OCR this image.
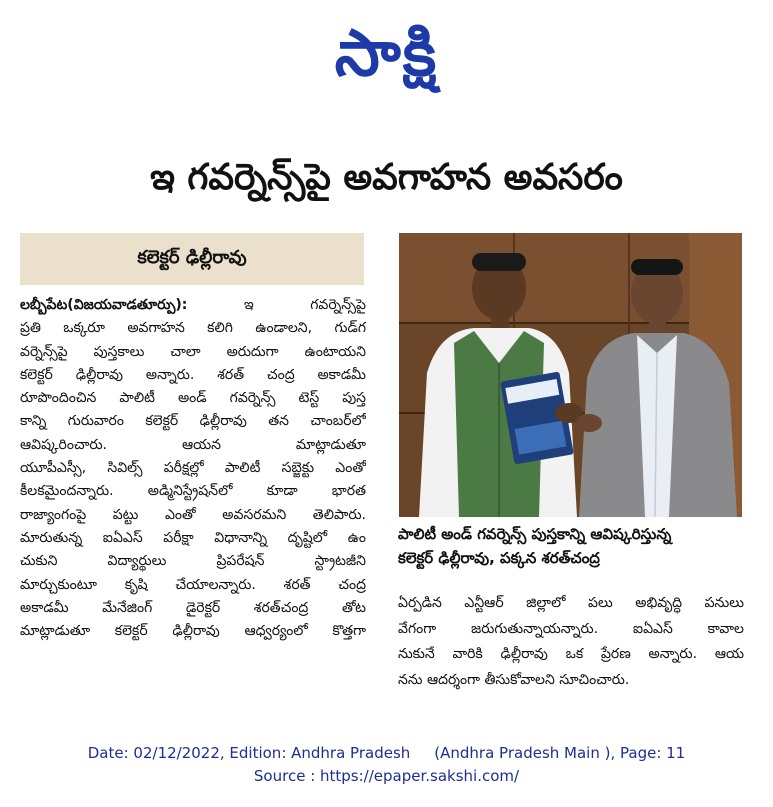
సాక్షి
ఇ గవర్నెన్స్‌పై అవగాహన అవసరం
కలెక్టర్‌ ఢిల్లీరావు
లబ్బీపేట(విజయవాడతూర్పు):	ఇ గవర్నెన్స్‌పై
ప్రతి ఒక్కరూ అవగాహన కలిగి ఉండాలని, గుడ్‌గ
వర్నెన్స్‌పై పుస్తకాలు చాలా అరుదుగా ఉంటాయని
కలెక్టర్‌ ఢిల్లీరావు అన్నారు. శరత్‌ చంద్ర అకాడమీ
రూపొందించిన పాలిటీ అండ్‌ గవర్నెన్స్‌ టెస్ట్‌ పుస్త
కాన్ని గురువారం కలెక్టర్‌ ఢిల్లీరావు తన చాంబర్‌లో
ఆవిష్కరించారు. ఆయన మాట్లాడుతూ
యూపీఎస్సీ, సివిల్స్‌ పరీక్షల్లో పాలిటీ సబ్జెక్టు ఎంతో
కీలకమైందన్నారు. అడ్మినిస్ట్రేషన్‌లో కూడా భారత
రాజ్యాంగంపై పట్టు ఎంతో అవసరమని తెలిపారు.
మారుతున్న ఐఏఎస్‌ పరీక్షా విధానాన్ని దృష్టిలో ఉం
చుకుని విద్యార్థులు ప్రిపరేషన్‌ స్ట్రాటజీని
మార్చుకుంటూ కృషి చేయాలన్నారు. శరత్‌ చంద్ర
అకాడమీ మేనేజింగ్‌ డైరెక్టర్‌ శరత్‌చంద్ర తోట
మాట్లాడుతూ కలెక్టర్‌ ఢిల్లీరావు ఆధ్వర్యంలో కొత్తగా
పాలిటీ అండ్‌ గవర్నెన్స్‌ పుస్తకాన్ని ఆవిష్కరిస్తున్న
కలెక్టర్‌ ఢిల్లీరావు, పక్కన శరత్‌చంద్ర
ఏర్పడిన ఎన్టీఆర్‌ జిల్లాలో పలు అభివృద్ధి పనులు
వేగంగా జరుగుతున్నాయన్నారు. ఐఏఎస్‌ కావాల
నుకునే వారికి ఢిల్లీరావు ఒక ప్రేరణ అన్నారు. ఆయ
నను ఆదర్శంగా తీసుకోవాలని సూచించారు.
Date: 02/12/2022, Edition: Andhra Pradesh (Andhra Pradesh Main ), Page: 11
Source : https://epaper.sakshi.com/
